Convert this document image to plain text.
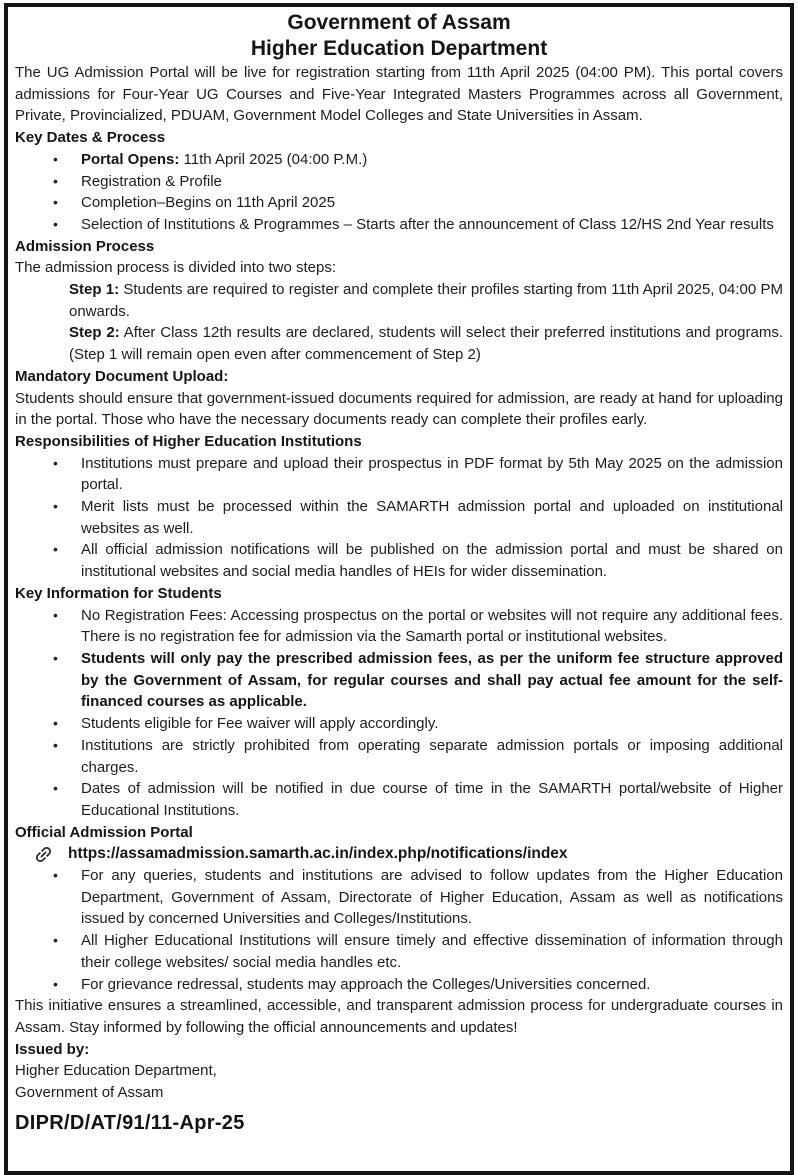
Government of Assam
Higher Education Department
The UG Admission Portal will be live for registration starting from 11th April 2025 (04:00 PM). This portal covers admissions for Four-Year UG Courses and Five-Year Integrated Masters Programmes across all Government, Private, Provincialized, PDUAM, Government Model Colleges and State Universities in Assam.
Key Dates & Process
•
Portal Opens: 11th April 2025 (04:00 P.M.)
•
Registration & Profile
•
Completion–Begins on 11th April 2025
•
Selection of Institutions & Programmes – Starts after the announcement of Class 12/HS 2nd Year results
Admission Process
The admission process is divided into two steps:
Step 1: Students are required to register and complete their profiles starting from 11th April 2025, 04:00 PM onwards.
Step 2: After Class 12th results are declared, students will select their preferred institutions and programs. (Step 1 will remain open even after commencement of Step 2)
Mandatory Document Upload:
Students should ensure that government-issued documents required for admission, are ready at hand for uploading in the portal. Those who have the necessary documents ready can complete their profiles early.
Responsibilities of Higher Education Institutions
•
Institutions must prepare and upload their prospectus in PDF format by 5th May 2025 on the admission portal.
•
Merit lists must be processed within the SAMARTH admission portal and uploaded on institutional websites as well.
•
All official admission notifications will be published on the admission portal and must be shared on institutional websites and social media handles of HEIs for wider dissemination.
Key Information for Students
•
No Registration Fees: Accessing prospectus on the portal or websites will not require any additional fees. There is no registration fee for admission via the Samarth portal or institutional websites.
•
Students will only pay the prescribed admission fees, as per the uniform fee structure approved by the Government of Assam, for regular courses and shall pay actual fee amount for the self-financed courses as applicable.
•
Students eligible for Fee waiver will apply accordingly.
•
Institutions are strictly prohibited from operating separate admission portals or imposing additional charges.
•
Dates of admission will be notified in due course of time in the SAMARTH portal/website of Higher Educational Institutions.
Official Admission Portal
https://assamadmission.samarth.ac.in/index.php/notifications/index
•
For any queries, students and institutions are advised to follow updates from the Higher Education Department, Government of Assam, Directorate of Higher Education, Assam as well as notifications issued by concerned Universities and Colleges/Institutions.
•
All Higher Educational Institutions will ensure timely and effective dissemination of information through their college websites/ social media handles etc.
•
For grievance redressal, students may approach the Colleges/Universities concerned.
This initiative ensures a streamlined, accessible, and transparent admission process for undergraduate courses in Assam. Stay informed by following the official announcements and updates!
Issued by:
Higher Education Department,
Government of Assam
DIPR/D/AT/91/11-Apr-25
